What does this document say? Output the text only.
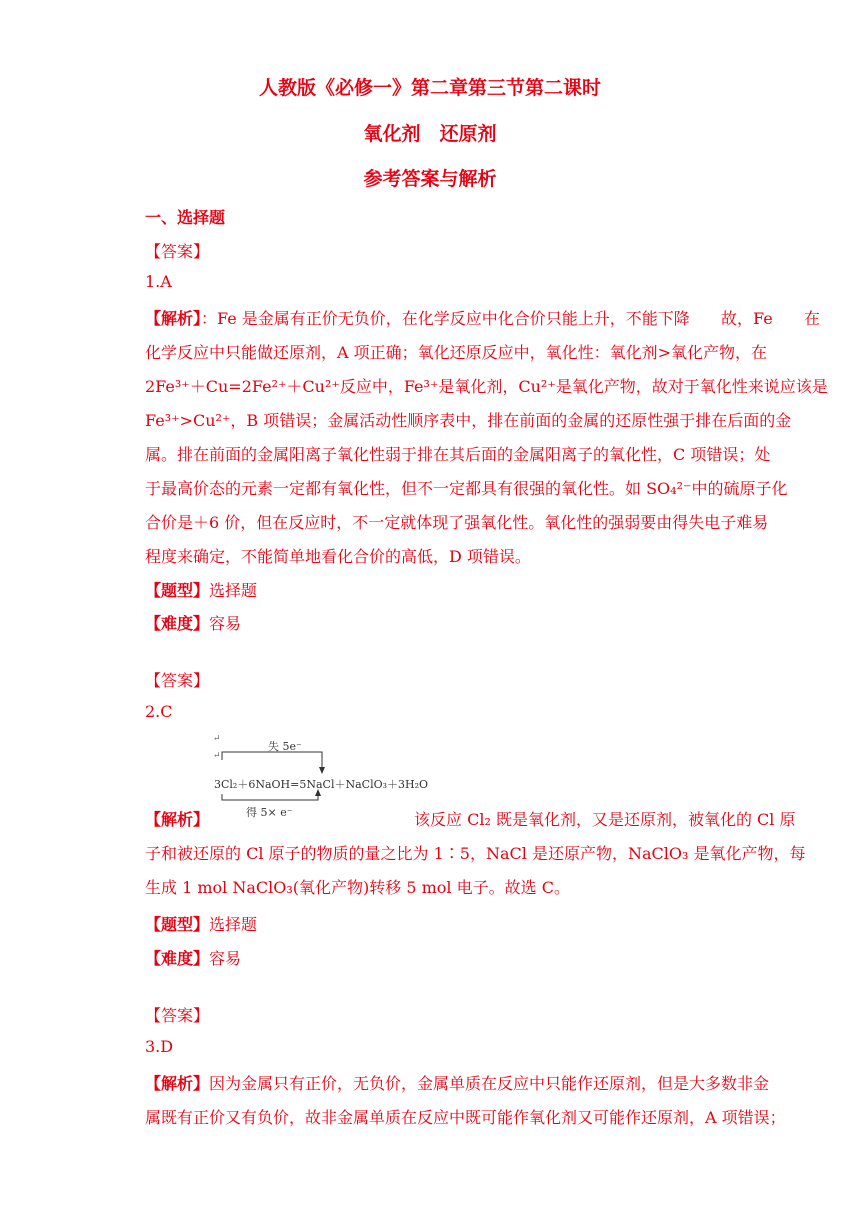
人教版《必修一》第二章第三节第二课时
氧化剂　还原剂
参考答案与解析
一、选择题
【答案】
1.A
【解析】：Fe 是金属有正价无负价，在化学反应中化合价只能上升，不能下降 故，Fe 在
化学反应中只能做还原剂，A 项正确；氧化还原反应中，氧化性：氧化剂>氧化产物，在
2Fe³⁺＋Cu=2Fe²⁺＋Cu²⁺反应中，Fe³⁺是氧化剂，Cu²⁺是氧化产物，故对于氧化性来说应该是
Fe³⁺>Cu²⁺，B 项错误；金属活动性顺序表中，排在前面的金属的还原性强于排在后面的金
属。排在前面的金属阳离子氧化性弱于排在其后面的金属阳离子的氧化性，C 项错误；处
于最高价态的元素一定都有氧化性，但不一定都具有很强的氧化性。如 SO₄²⁻中的硫原子化
合价是＋6 价，但在反应时，不一定就体现了强氧化性。氧化性的强弱要由得失电子难易
程度来确定，不能简单地看化合价的高低，D 项错误。
【题型】选择题
【难度】容易
【答案】
2.C
↵
↵
失 5e⁻
3Cl₂＋6NaOH=5NaCl＋NaClO₃＋3H₂O
得 5× e⁻
【解析】	该反应 Cl₂ 既是氧化剂，又是还原剂，被氧化的 Cl 原
子和被还原的 Cl 原子的物质的量之比为 1∶5，NaCl 是还原产物，NaClO₃ 是氧化产物，每
生成 1 mol NaClO₃(氧化产物)转移 5 mol 电子。故选 C。
【题型】选择题
【难度】容易
【答案】
3.D
【解析】因为金属只有正价，无负价，金属单质在反应中只能作还原剂，但是大多数非金
属既有正价又有负价，故非金属单质在反应中既可能作氧化剂又可能作还原剂，A 项错误；
